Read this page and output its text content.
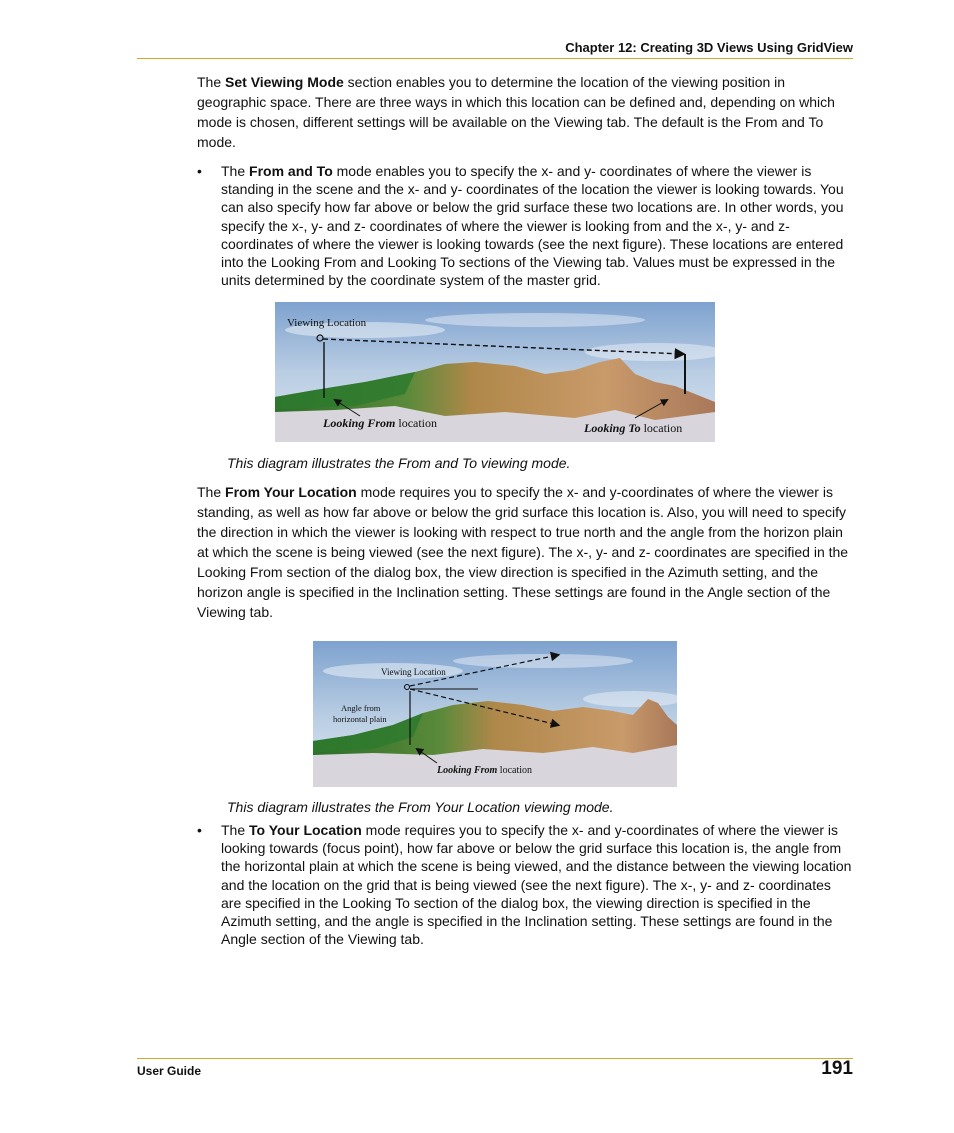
Chapter 12: Creating 3D Views Using GridView

The Set Viewing Mode section enables you to determine the location of the viewing position in geographic space. There are three ways in which this location can be defined and, depending on which mode is chosen, different settings will be available on the Viewing tab. The default is the From and To mode.

•	The From and To mode enables you to specify the x- and y- coordinates of where the viewer is standing in the scene and the x- and y- coordinates of the location the viewer is looking towards. You can also specify how far above or below the grid surface these two locations are. In other words, you specify the x-, y- and z- coordinates of where the viewer is looking from and the x-, y- and z- coordinates of where the viewer is looking towards (see the next figure). These locations are entered into the Looking From and Looking To sections of the Viewing tab. Values must be expressed in the units determined by the coordinate system of the master grid.
Viewing Location
Looking From location	Looking To location
This diagram illustrates the From and To viewing mode.

The From Your Location mode requires you to specify the x- and y-coordinates of where the viewer is standing, as well as how far above or below the grid surface this location is. Also, you will need to specify the direction in which the viewer is looking with respect to true north and the angle from the horizon plain at which the scene is being viewed (see the next figure). The x-, y- and z- coordinates are specified in the Looking From section of the dialog box, the view direction is specified in the Azimuth setting, and the horizon angle is specified in the Inclination setting. These settings are found in the Angle section of the Viewing tab.

Viewing Location
Angle from
horizontal plain
Looking From location
This diagram illustrates the From Your Location viewing mode.
•	The To Your Location mode requires you to specify the x- and y-coordinates of where the viewer is looking towards (focus point), how far above or below the grid surface this location is, the angle from the horizontal plain at which the scene is being viewed, and the distance between the viewing location and the location on the grid that is being viewed (see the next figure). The x-, y- and z- coordinates are specified in the Looking To section of the dialog box, the viewing direction is specified in the Azimuth setting, and the angle is specified in the Inclination setting. These settings are found in the Angle section of the Viewing tab.
User Guide	191
